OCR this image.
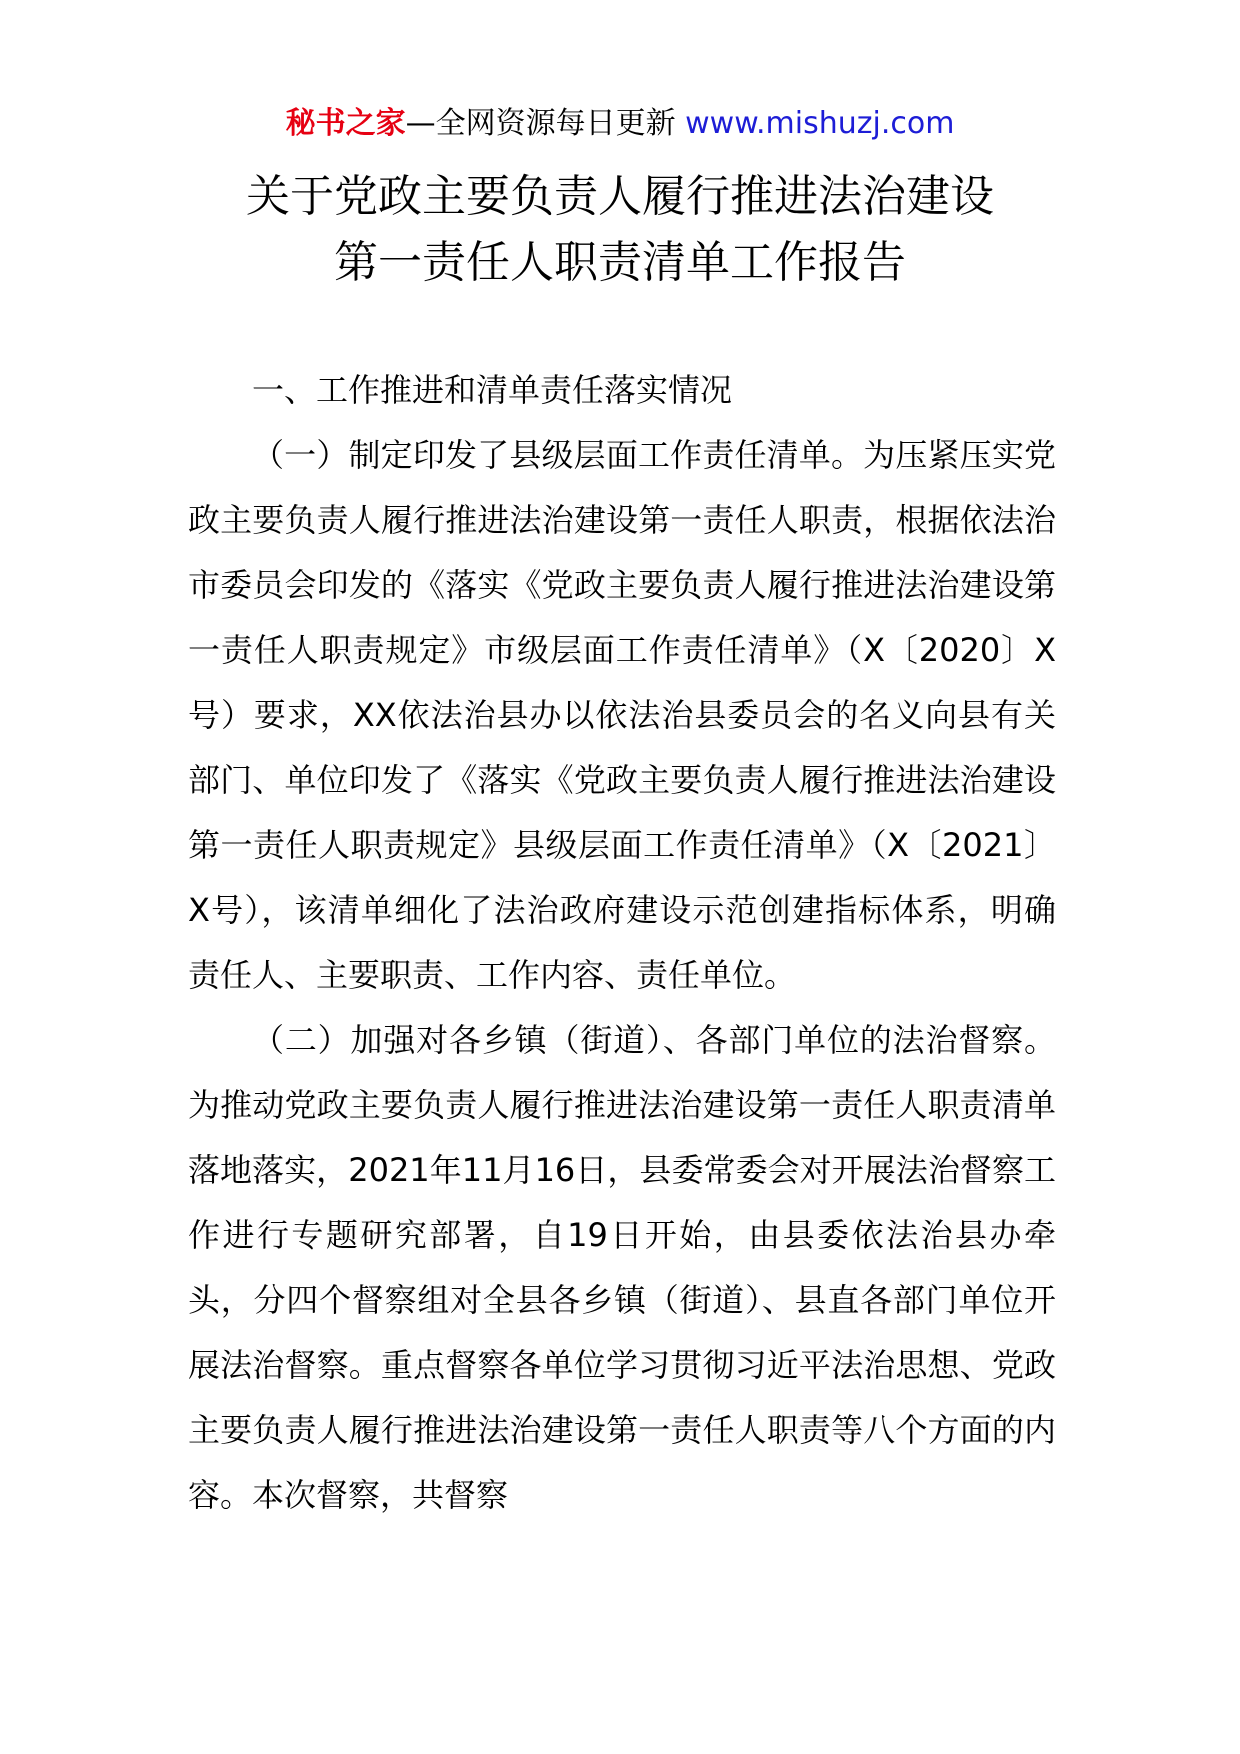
秘书之家—全网资源每日更新 www.mishuzj.com
关于党政主要负责人履行推进法治建设
第一责任人职责清单工作报告

一、工作推进和清单责任落实情况

（一）制定印发了县级层面工作责任清单。为压紧压实党政主要负责人履行推进法治建设第一责任人职责，根据依法治市委员会印发的《落实《党政主要负责人履行推进法治建设第一责任人职责规定》市级层面工作责任清单》（X〔2020〕X号）要求，XX依法治县办以依法治县委员会的名义向县有关部门、单位印发了《落实《党政主要负责人履行推进法治建设第一责任人职责规定》县级层面工作责任清单》（X〔2021〕X号），该清单细化了法治政府建设示范创建指标体系，明确责任人、主要职责、工作内容、责任单位。

（二）加强对各乡镇（街道）、各部门单位的法治督察。为推动党政主要负责人履行推进法治建设第一责任人职责清单落地落实，2021年11月16日，县委常委会对开展法治督察工作进行专题研究部署，自19日开始，由县委依法治县办牵头，分四个督察组对全县各乡镇（街道）、县直各部门单位开展法治督察。重点督察各单位学习贯彻习近平法治思想、党政主要负责人履行推进法治建设第一责任人职责等八个方面的内容。本次督察，共督察
